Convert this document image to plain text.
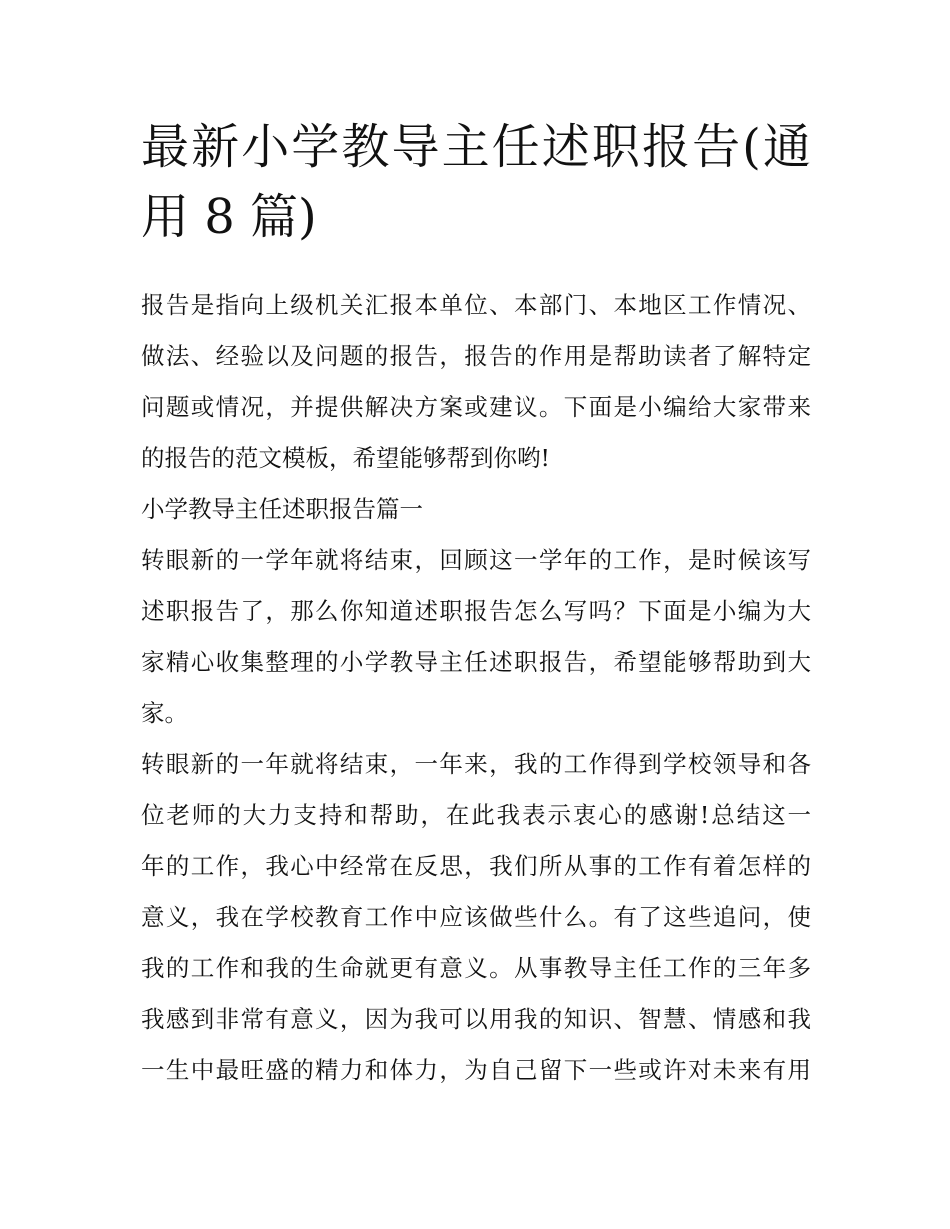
最新小学教导主任述职报告(通
用 8 篇)

报告是指向上级机关汇报本单位、本部门、本地区工作情况、
做法、经验以及问题的报告，报告的作用是帮助读者了解特定
问题或情况，并提供解决方案或建议。下面是小编给大家带来
的报告的范文模板，希望能够帮到你哟!

小学教导主任述职报告篇一

转眼新的一学年就将结束，回顾这一学年的工作，是时候该写
述职报告了，那么你知道述职报告怎么写吗？下面是小编为大
家精心收集整理的小学教导主任述职报告，希望能够帮助到大
家。

转眼新的一年就将结束，一年来，我的工作得到学校领导和各
位老师的大力支持和帮助，在此我表示衷心的感谢!总结这一
年的工作，我心中经常在反思，我们所从事的工作有着怎样的
意义，我在学校教育工作中应该做些什么。有了这些追问，使
我的工作和我的生命就更有意义。从事教导主任工作的三年多
我感到非常有意义，因为我可以用我的知识、智慧、情感和我
一生中最旺盛的精力和体力，为自己留下一些或许对未来有用
